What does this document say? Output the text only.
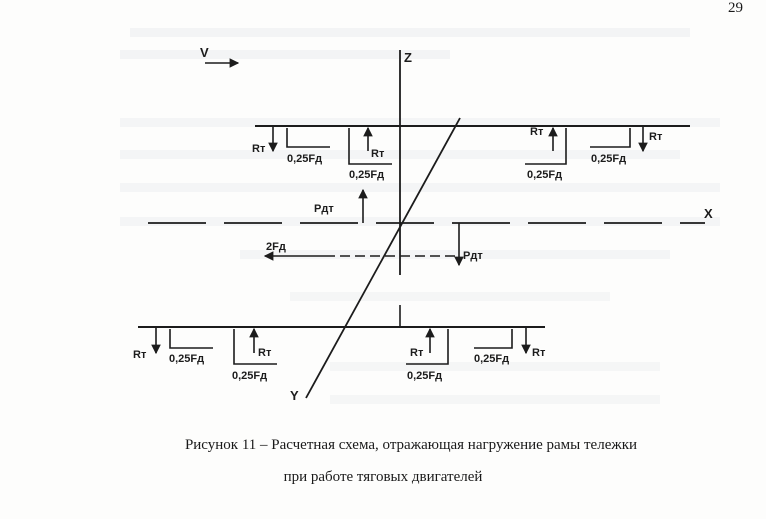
29
V	Z
X
Y
Rт
0,25Fд	Rт
0,25Fд
Rт
0,25Fд
0,25Fд
Rт
Pдт
Pдт
2Fд
Rт 0,25Fд	Rт
0,25Fд
Rт
0,25Fд
0,25Fд Rт
Рисунок 11 – Расчетная схема, отражающая нагружение рамы тележки
при работе тяговых двигателей
